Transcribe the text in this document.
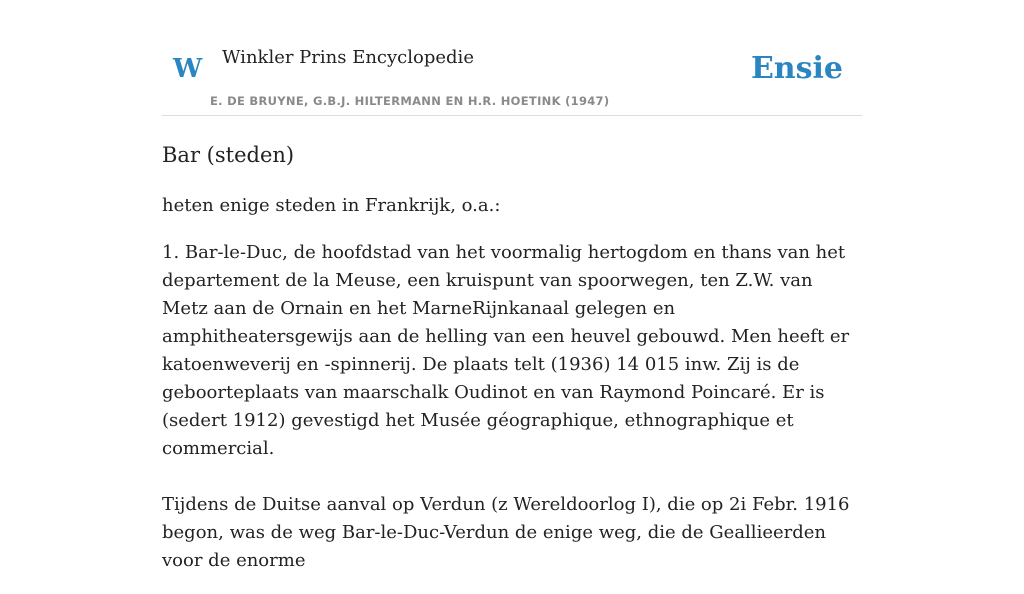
W Winkler Prins Encyclopedie
E. DE BRUYNE, G.B.J. HILTERMANN EN H.R. HOETINK (1947)
Ensie
Bar (steden)

heten enige steden in Frankrijk, o.a.:

1. Bar-le-Duc, de hoofdstad van het voormalig hertogdom en thans van het departement de la Meuse, een kruispunt van spoorwegen, ten Z.W. van Metz aan de Ornain en het MarneRijnkanaal gelegen en amphitheatersgewijs aan de helling van een heuvel gebouwd. Men heeft er katoenweverij en -spinnerij. De plaats telt (1936) 14 015 inw. Zij is de geboorteplaats van maarschalk Oudinot en van Raymond Poincaré. Er is (sedert 1912) gevestigd het Musée géographique, ethnographique et commercial.

Tijdens de Duitse aanval op Verdun (z Wereldoorlog I), die op 2i Febr. 1916 begon, was de weg Bar-le-Duc-Verdun de enige weg, die de Geallieerden voor de enorme
